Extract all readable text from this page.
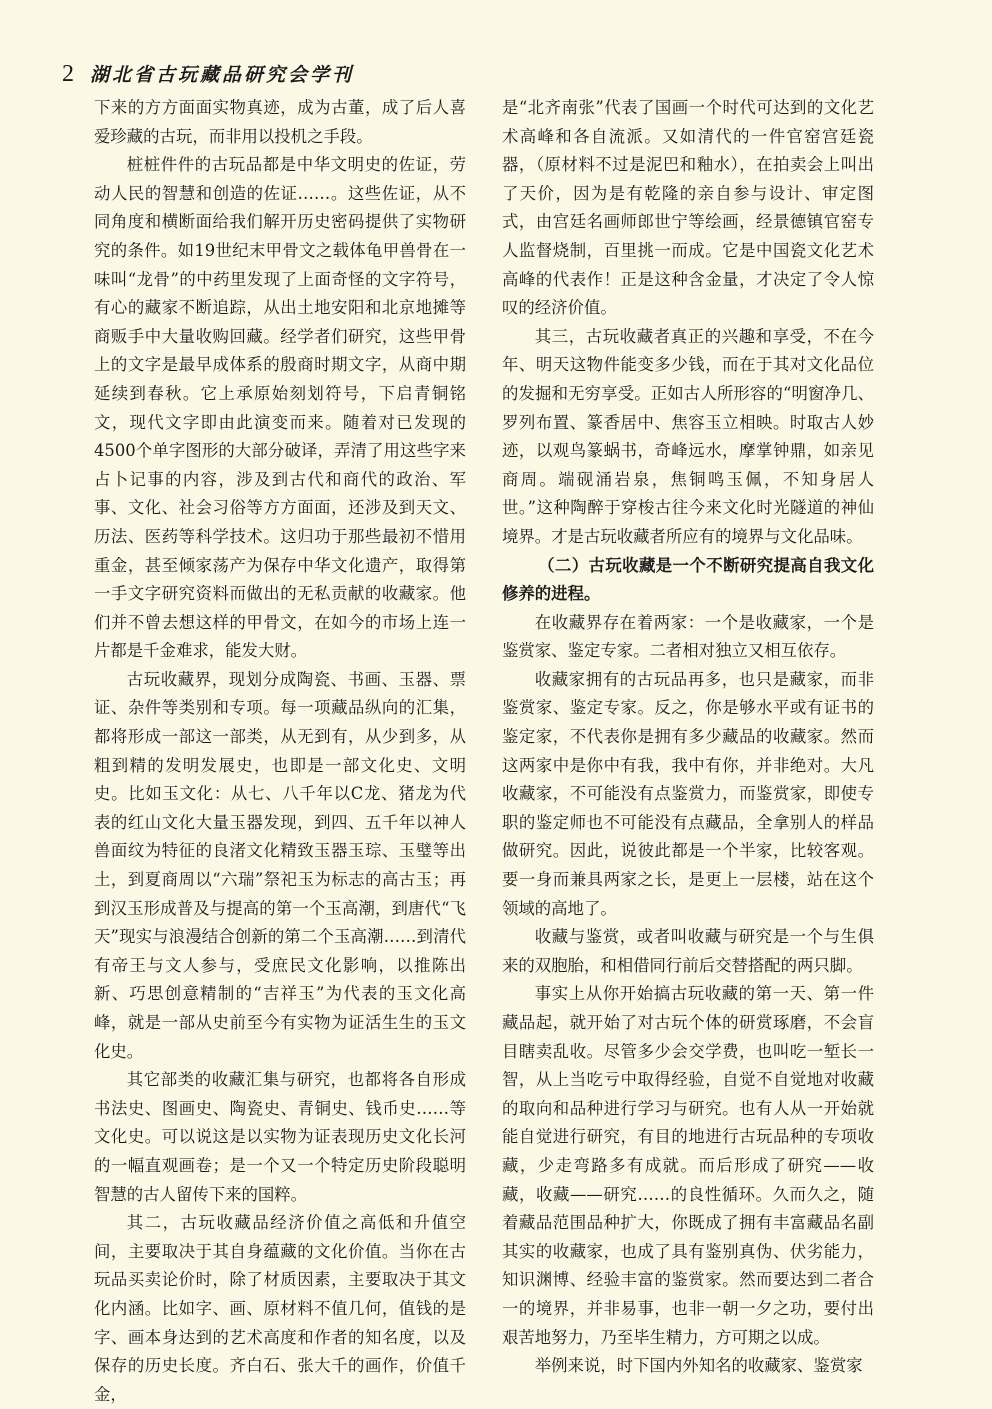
2 湖北省古玩藏品研究会学刊

下来的方方面面实物真迹，成为古董，成了后人喜爱珍藏的古玩，而非用以投机之手段。

桩桩件件的古玩品都是中华文明史的佐证，劳动人民的智慧和创造的佐证……。这些佐证，从不同角度和横断面给我们解开历史密码提供了实物研究的条件。如19世纪末甲骨文之载体龟甲兽骨在一味叫“龙骨”的中药里发现了上面奇怪的文字符号，有心的藏家不断追踪，从出土地安阳和北京地摊等商贩手中大量收购回藏。经学者们研究，这些甲骨上的文字是最早成体系的殷商时期文字，从商中期延续到春秋。它上承原始刻划符号，下启青铜铭文，现代文字即由此演变而来。随着对已发现的4500个单字图形的大部分破译，弄清了用这些字来占卜记事的内容，涉及到古代和商代的政治、军事、文化、社会习俗等方方面面，还涉及到天文、历法、医药等科学技术。这归功于那些最初不惜用重金，甚至倾家荡产为保存中华文化遗产，取得第一手文字研究资料而做出的无私贡献的收藏家。他们并不曾去想这样的甲骨文，在如今的市场上连一片都是千金难求，能发大财。

古玩收藏界，现划分成陶瓷、书画、玉器、票证、杂件等类别和专项。每一项藏品纵向的汇集，都将形成一部这一部类，从无到有，从少到多，从粗到精的发明发展史，也即是一部文化史、文明史。比如玉文化：从七、八千年以C龙、猪龙为代表的红山文化大量玉器发现，到四、五千年以神人兽面纹为特征的良渚文化精致玉器玉琮、玉璧等出土，到夏商周以“六瑞”祭祀玉为标志的高古玉；再到汉玉形成普及与提高的第一个玉高潮，到唐代“飞天”现实与浪漫结合创新的第二个玉高潮……到清代有帝王与文人参与，受庶民文化影响，以推陈出新、巧思创意精制的“吉祥玉”为代表的玉文化高峰，就是一部从史前至今有实物为证活生生的玉文化史。

其它部类的收藏汇集与研究，也都将各自形成书法史、图画史、陶瓷史、青铜史、钱币史……等文化史。可以说这是以实物为证表现历史文化长河的一幅直观画卷；是一个又一个特定历史阶段聪明智慧的古人留传下来的国粹。

其二，古玩收藏品经济价值之高低和升值空间，主要取决于其自身蕴藏的文化价值。当你在古玩品买卖论价时，除了材质因素，主要取决于其文化内涵。比如字、画、原材料不值几何，值钱的是字、画本身达到的艺术高度和作者的知名度，以及保存的历史长度。齐白石、张大千的画作，价值千金，

是“北齐南张”代表了国画一个时代可达到的文化艺术高峰和各自流派。又如清代的一件官窑宫廷瓷器，（原材料不过是泥巴和釉水），在拍卖会上叫出了天价，因为是有乾隆的亲自参与设计、审定图式，由宫廷名画师郎世宁等绘画，经景德镇官窑专人监督烧制，百里挑一而成。它是中国瓷文化艺术高峰的代表作！正是这种含金量，才决定了令人惊叹的经济价值。

其三，古玩收藏者真正的兴趣和享受，不在今年、明天这物件能变多少钱，而在于其对文化品位的发掘和无穷享受。正如古人所形容的“明窗净几、罗列布置、篆香居中、焦容玉立相映。时取古人妙迹，以观鸟篆蜗书，奇峰远水，摩掌钟鼎，如亲见商周。端砚涌岩泉，焦铜鸣玉佩，不知身居人世。”这种陶醉于穿梭古往今来文化时光隧道的神仙境界。才是古玩收藏者所应有的境界与文化品味。

（二）古玩收藏是一个不断研究提高自我文化修养的进程。

在收藏界存在着两家：一个是收藏家，一个是鉴赏家、鉴定专家。二者相对独立又相互依存。

收藏家拥有的古玩品再多，也只是藏家，而非鉴赏家、鉴定专家。反之，你是够水平或有证书的鉴定家，不代表你是拥有多少藏品的收藏家。然而这两家中是你中有我，我中有你，并非绝对。大凡收藏家，不可能没有点鉴赏力，而鉴赏家，即使专职的鉴定师也不可能没有点藏品，全拿别人的样品做研究。因此，说彼此都是一个半家，比较客观。要一身而兼具两家之长，是更上一层楼，站在这个领域的高地了。

收藏与鉴赏，或者叫收藏与研究是一个与生俱来的双胞胎，和相借同行前后交替搭配的两只脚。

事实上从你开始搞古玩收藏的第一天、第一件藏品起，就开始了对古玩个体的研赏琢磨，不会盲目瞎卖乱收。尽管多少会交学费，也叫吃一堑长一智，从上当吃亏中取得经验，自觉不自觉地对收藏的取向和品种进行学习与研究。也有人从一开始就能自觉进行研究，有目的地进行古玩品种的专项收藏，少走弯路多有成就。而后形成了研究——收藏，收藏——研究……的良性循环。久而久之，随着藏品范围品种扩大，你既成了拥有丰富藏品名副其实的收藏家，也成了具有鉴别真伪、伏劣能力，知识渊博、经验丰富的鉴赏家。然而要达到二者合一的境界，并非易事，也非一朝一夕之功，要付出艰苦地努力，乃至毕生精力，方可期之以成。

举例来说，时下国内外知名的收藏家、鉴赏家
